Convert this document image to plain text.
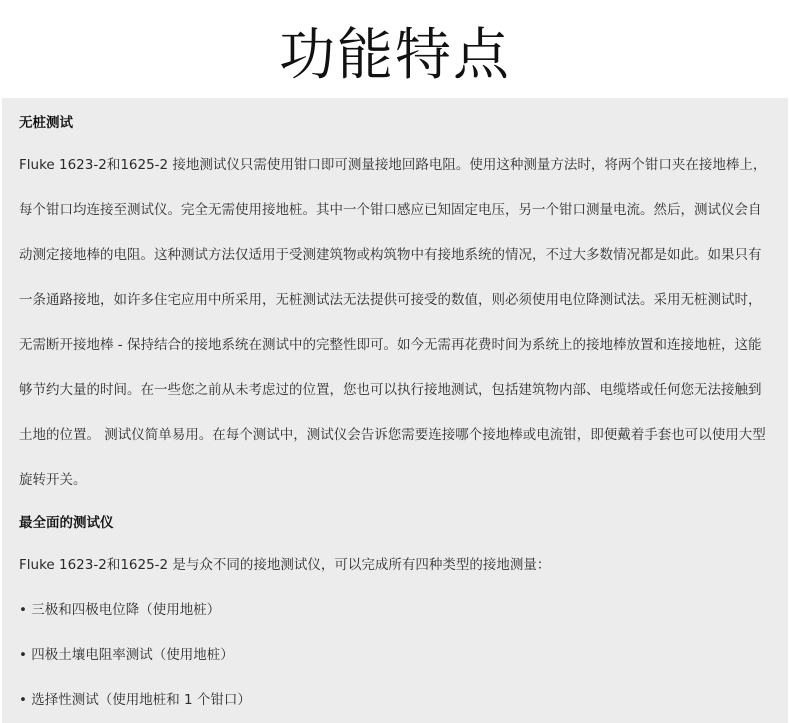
功能特点
无桩测试

Fluke 1623-2和1625-2 接地测试仪只需使用钳口即可测量接地回路电阻。使用这种测量方法时，将两个钳口夹在接地棒上，每个钳口均连接至测试仪。完全无需使用接地桩。其中一个钳口感应已知固定电压，另一个钳口测量电流。然后，测试仪会自动测定接地棒的电阻。这种测试方法仅适用于受测建筑物或构筑物中有接地系统的情况，不过大多数情况都是如此。如果只有一条通路接地，如许多住宅应用中所采用，无桩测试法无法提供可接受的数值，则必须使用电位降测试法。采用无桩测试时，无需断开接地棒 - 保持结合的接地系统在测试中的完整性即可。如今无需再花费时间为系统上的接地棒放置和连接地桩，这能够节约大量的时间。在一些您之前从未考虑过的位置，您也可以执行接地测试，包括建筑物内部、电缆塔或任何您无法接触到土地的位置。 测试仪简单易用。在每个测试中，测试仪会告诉您需要连接哪个接地棒或电流钳，即便戴着手套也可以使用大型旋转开关。

最全面的测试仪

Fluke 1623-2和1625-2 是与众不同的接地测试仪，可以完成所有四种类型的接地测量：

• 三极和四极电位降（使用地桩）

• 四极土壤电阻率测试（使用地桩）

• 选择性测试（使用地桩和 1 个钳口）
